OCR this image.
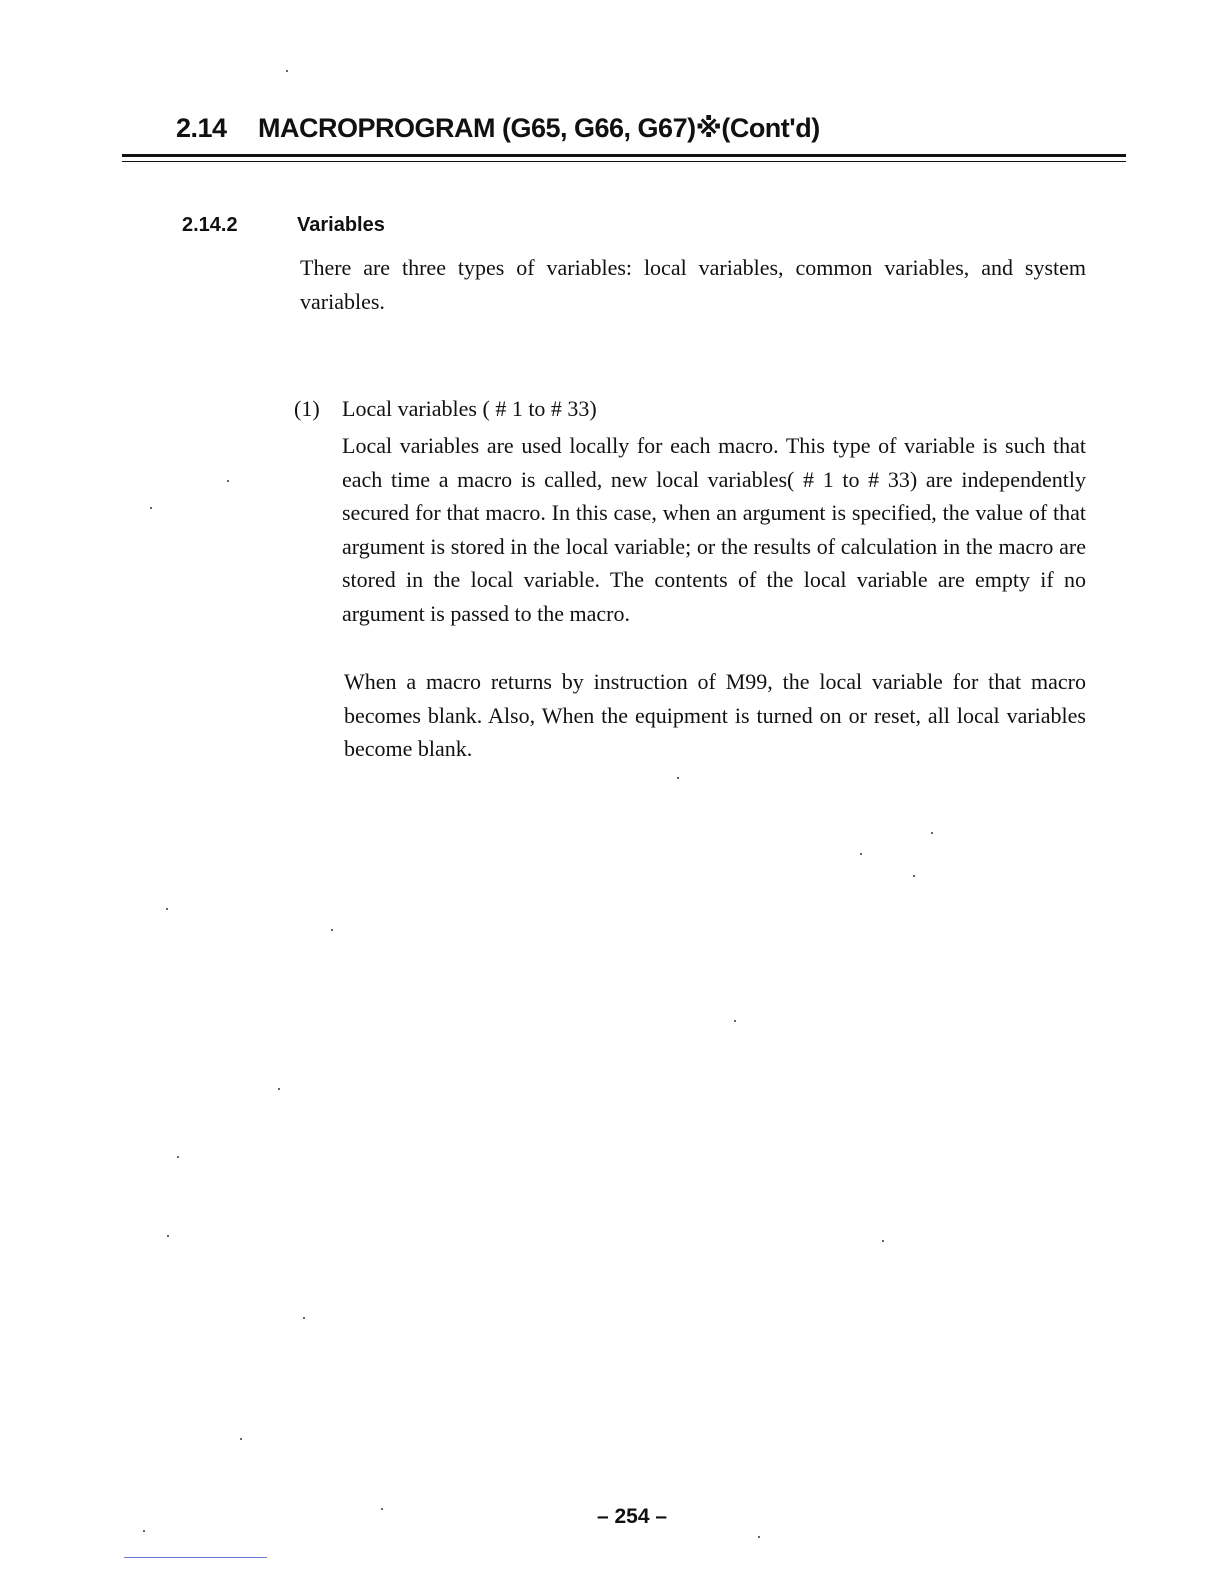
2.14 MACROPROGRAM (G65, G66, G67)※(Cont'd)
2.14.2	Variables
There are three types of variables: local variables, common variables, and system variables.
(1) Local variables ( # 1 to # 33)
Local variables are used locally for each macro. This type of variable is such that each time a macro is called, new local variables( # 1 to # 33) are independently secured for that macro. In this case, when an argument is specified, the value of that argument is stored in the local variable; or the results of calculation in the macro are stored in the local variable. The contents of the local variable are empty if no argument is passed to the macro.
When a macro returns by instruction of M99, the local variable for that macro becomes blank. Also, When the equipment is turned on or reset, all local variables become blank.
– 254 –
